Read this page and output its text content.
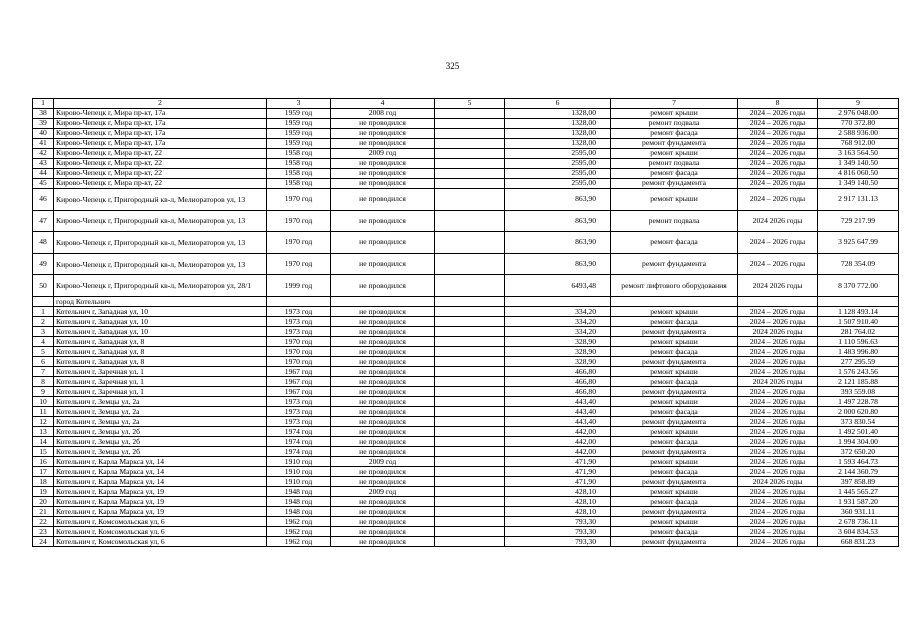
325
1	2	3	4	5	6	7	8	9
38	Кирово-Чепецк г, Мира пр-кт, 17а	1959 год	2008 год		1328,00	ремонт крыши	2024 – 2026 годы	2 976 048.00
39	Кирово-Чепецк г, Мира пр-кт, 17а	1959 год	не проводился		1328,00	ремонт подвала	2024 – 2026 годы	770 372.80
40	Кирово-Чепецк г, Мира пр-кт, 17а	1959 год	не проводился		1328,00	ремонт фасада	2024 – 2026 годы	2 588 936.00
41	Кирово-Чепецк г, Мира пр-кт, 17а	1959 год	не проводился		1328,00	ремонт фундамента	2024 – 2026 годы	768 912.00
42	Кирово-Чепецк г, Мира пр-кт, 22	1958 год	2009 год		2595,00	ремонт крыши	2024 – 2026 годы	3 163 564.50
43	Кирово-Чепецк г, Мира пр-кт, 22	1958 год	не проводился		2595,00	ремонт подвала	2024 – 2026 годы	1 349 140.50
44	Кирово-Чепецк г, Мира пр-кт, 22	1958 год	не проводился		2595,00	ремонт фасада	2024 – 2026 годы	4 816 060.50
45	Кирово-Чепецк г, Мира пр-кт, 22	1958 год	не проводился		2595,00	ремонт фундамента	2024 – 2026 годы	1 349 140.50
46	Кирово-Чепецк г, Пригородный кв-л, Мелиораторов ул, 13	1970 год	не проводился		863,90	ремонт крыши	2024 – 2026 годы	2 917 131.13
47	Кирово-Чепецк г, Пригородный кв-л, Мелиораторов ул, 13	1970 год	не проводился		863,90	ремонт подвала	2024 2026 годы	729 217.99
48	Кирово-Чепецк г, Пригородный кв-л, Мелиораторов ул, 13	1970 год	не проводился		863,90	ремонт фасада	2024 – 2026 годы	3 925 647.99
49	Кирово-Чепецк г, Пригородный кв-л, Мелиораторов ул, 13	1970 год	не проводился		863,90	ремонт фундамента	2024 – 2026 годы	728 354.09
50	Кирово-Чепецк г, Пригородный кв-л, Мелиораторов ул, 28/1	1999 год	не проводился		6493,48	ремонт лифтового оборудования	2024 2026 годы	8 370 772.00
	город Котельнич							
1	Котельнич г, Западная ул, 10	1973 год	не проводился		334,20	ремонт крыши	2024 – 2026 годы	1 128 493.14
2	Котельнич г, Западная ул, 10	1973 год	не проводился		334,20	ремонт фасада	2024 – 2026 годы	1 507 910.40
3	Котельнич г, Западная ул, 10	1973 год	не проводился		334,20	ремонт фундамента	2024 2026 годы	281 764.02
4	Котельнич г, Западная ул, 8	1970 год	не проводился		328,90	ремонт крыши	2024 – 2026 годы	1 110 596.63
5	Котельнич г, Западная ул, 8	1970 год	не проводился		328,90	ремонт фасада	2024 – 2026 годы	1 483 996.80
6	Котельнич г, Западная ул, 8	1970 год	не проводился		328,90	ремонт фундамента	2024 – 2026 годы	277 295.59
7	Котельнич г, Заречная ул, 1	1967 год	не проводился		466,80	ремонт крыши	2024 – 2026 годы	1 576 243.56
8	Котельнич г, Заречная ул, 1	1967 год	не проводился		466,80	ремонт фасада	2024 2026 годы	2 121 185.88
9	Котельнич г, Заречная ул, 1	1967 год	не проводился		466,80	ремонт фундамента	2024 – 2026 годы	393 559.08
10	Котельнич г, Земцы ул, 2а	1973 год	не проводился		443,40	ремонт крыши	2024 – 2026 годы	1 497 228.78
11	Котельнич г, Земцы ул, 2а	1973 год	не проводился		443,40	ремонт фасада	2024 – 2026 годы	2 000 620.80
12	Котельнич г, Земцы ул, 2а	1973 год	не проводился		443,40	ремонт фундамента	2024 – 2026 годы	373 830.54
13	Котельнич г, Земцы ул, 2б	1974 год	не проводился		442,00	ремонт крыши	2024 – 2026 годы	1 492 501.40
14	Котельнич г, Земцы ул, 2б	1974 год	не проводился		442,00	ремонт фасада	2024 – 2026 годы	1 994 304.00
15	Котельнич г, Земцы ул, 2б	1974 год	не проводился		442,00	ремонт фундамента	2024 – 2026 годы	372 650.20
16	Котельнич г, Карла Маркса ул, 14	1910 год	2009 год		471,90	ремонт крыши	2024 – 2026 годы	1 593 464.73
17	Котельнич г, Карла Маркса ул, 14	1910 год	не проводился		471,90	ремонт фасада	2024 – 2026 годы	2 144 360.79
18	Котельнич г, Карла Маркса ул, 14	1910 год	не проводился		471,90	ремонт фундамента	2024 2026 годы	397 858.89
19	Котельнич г, Карла Маркса ул, 19	1948 год	2009 год		428,10	ремонт крыши	2024 – 2026 годы	1 445 565.27
20	Котельнич г, Карла Маркса ул, 19	1948 год	не проводился		428,10	ремонт фасада	2024 – 2026 годы	1 931 587.20
21	Котельнич г, Карла Маркса ул, 19	1948 год	не проводился		428,10	ремонт фундамента	2024 – 2026 годы	360 931.11
22	Котельнич г, Комсомольская ул, 6	1962 год	не проводился		793,30	ремонт крыши	2024 – 2026 годы	2 678 736.11
23	Котельнич г, Комсомольская ул, 6	1962 год	не проводился		793,30	ремонт фасада	2024 – 2026 годы	3 604 834.53
24	Котельнич г, Комсомольская ул, 6	1962 год	не проводился		793,30	ремонт фундамента	2024 – 2026 годы	668 831.23
